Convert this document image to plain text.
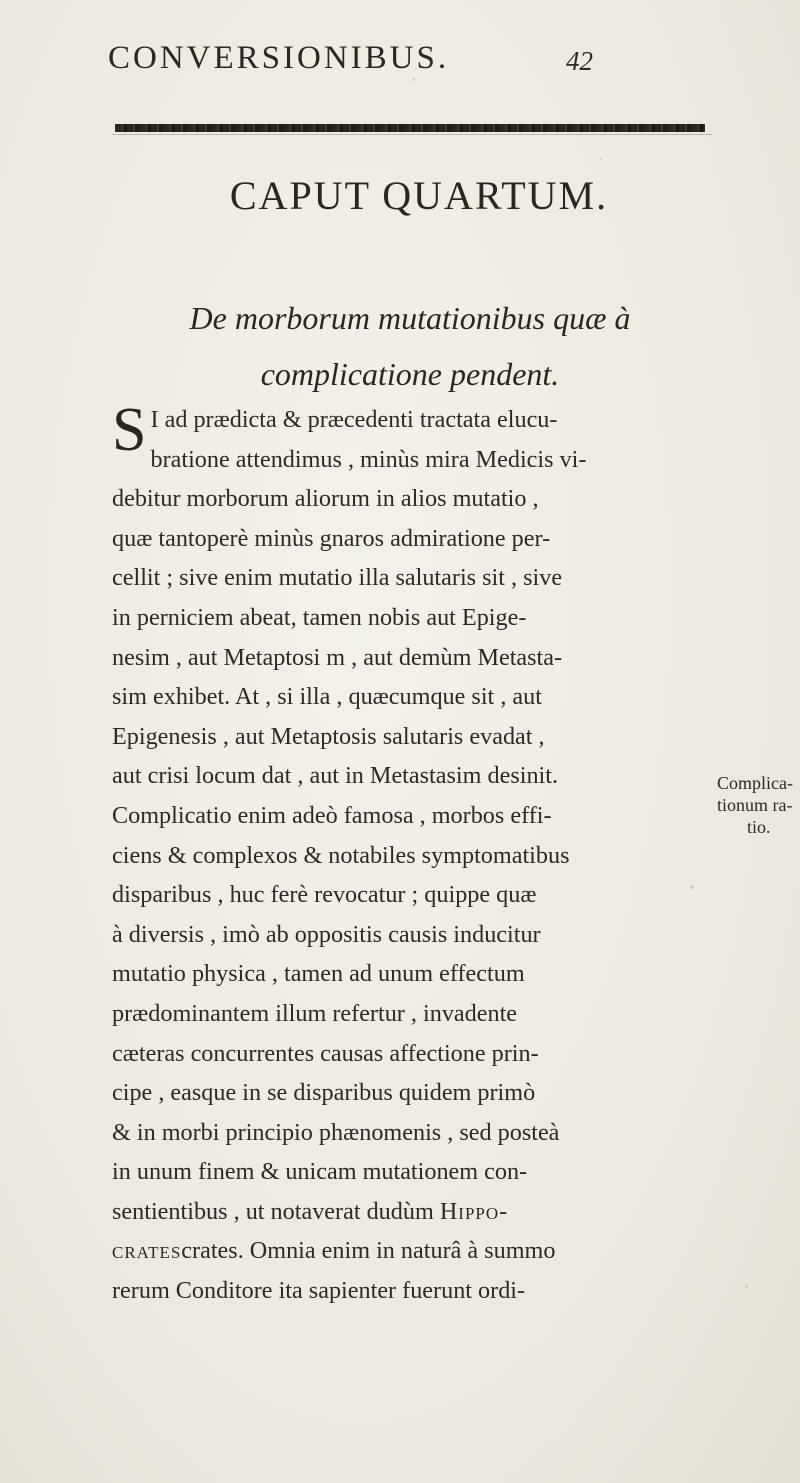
CONVERSIONIBUS.	42
CAPUT QUARTUM.
De morborum mutationibus quæ à
complicatione pendent.
S I ad prædicta & præcedenti tractata elucu-
bratione attendimus , minùs mira Medicis vi-
debitur morborum aliorum in alios mutatio ,
quæ tantoperè minùs gnaros admiratione per-
cellit ; sive enim mutatio illa salutaris sit , sive
in perniciem abeat, tamen nobis aut Epige-
nesim , aut Metaptosi m , aut demùm Metasta-
sim exhibet. At , si illa , quæcumque sit , aut
Epigenesis , aut Metaptosis salutaris evadat ,
aut crisi locum dat , aut in Metastasim desinit.
Complicatio enim adeò famosa , morbos effi-
ciens & complexos & notabiles symptomatibus
disparibus , huc ferè revocatur ; quippe quæ
à diversis , imò ab oppositis causis inducitur
mutatio physica , tamen ad unum effectum
prædominantem illum refertur , invadente
cæteras concurrentes causas affectione prin-
cipe , easque in se disparibus quidem primò
& in morbi principio phænomenis , sed posteà
in unum finem & unicam mutationem con-
sentientibus , ut notaverat dudùm Hippo-
cratescrates. Omnia enim in naturâ à summo
rerum Conditore ita sapienter fuerunt ordi-
Complica-
tionum ra-
tio.
